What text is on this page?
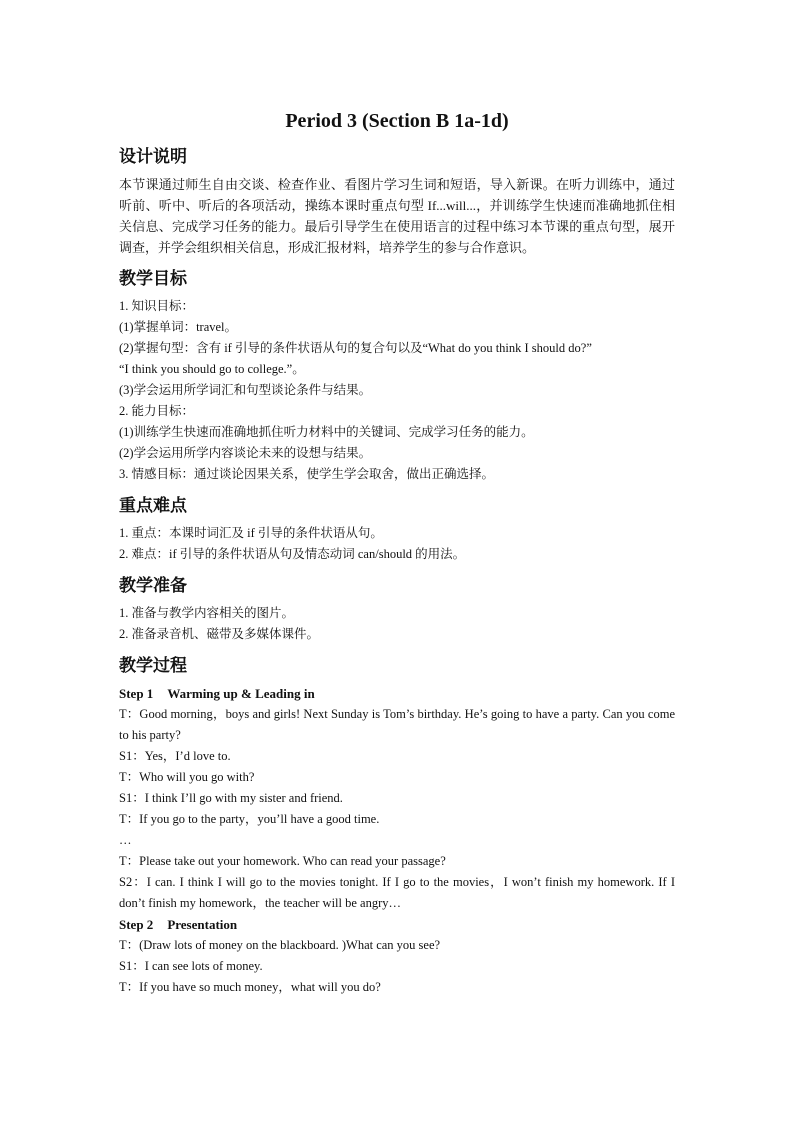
Period 3 (Section B 1a-1d)
设计说明

本节课通过师生自由交谈、检查作业、看图片学习生词和短语，导入新课。在听力训练中，通过听前、听中、听后的各项活动，操练本课时重点句型 If...will...，并训练学生快速而准确地抓住相关信息、完成学习任务的能力。最后引导学生在使用语言的过程中练习本节课的重点句型，展开调查，并学会组织相关信息，形成汇报材料，培养学生的参与合作意识。

教学目标

1. 知识目标：

(1)掌握单词：travel。

(2)掌握句型：含有 if 引导的条件状语从句的复合句以及“What do you think I should do?”

“I think you should go to college.”。

(3)学会运用所学词汇和句型谈论条件与结果。

2. 能力目标：

(1)训练学生快速而准确地抓住听力材料中的关键词、完成学习任务的能力。

(2)学会运用所学内容谈论未来的设想与结果。

3. 情感目标：通过谈论因果关系，使学生学会取舍，做出正确选择。

重点难点

1. 重点：本课时词汇及 if 引导的条件状语从句。

2. 难点：if 引导的条件状语从句及情态动词 can/should 的用法。

教学准备

1. 准备与教学内容相关的图片。

2. 准备录音机、磁带及多媒体课件。

教学过程

Step 1 Warming up & Leading in

T：Good morning，boys and girls! Next Sunday is Tom’s birthday. He’s going to have a party. Can you come to his party?

S1：Yes，I’d love to.

T：Who will you go with?

S1：I think I’ll go with my sister and friend.

T：If you go to the party，you’ll have a good time.

…

T：Please take out your homework. Who can read your passage?

S2：I can. I think I will go to the movies tonight. If I go to the movies，I won’t finish my homework. If I don’t finish my homework，the teacher will be angry…

Step 2 Presentation

T：(Draw lots of money on the blackboard. )What can you see?

S1：I can see lots of money.

T：If you have so much money，what will you do?
